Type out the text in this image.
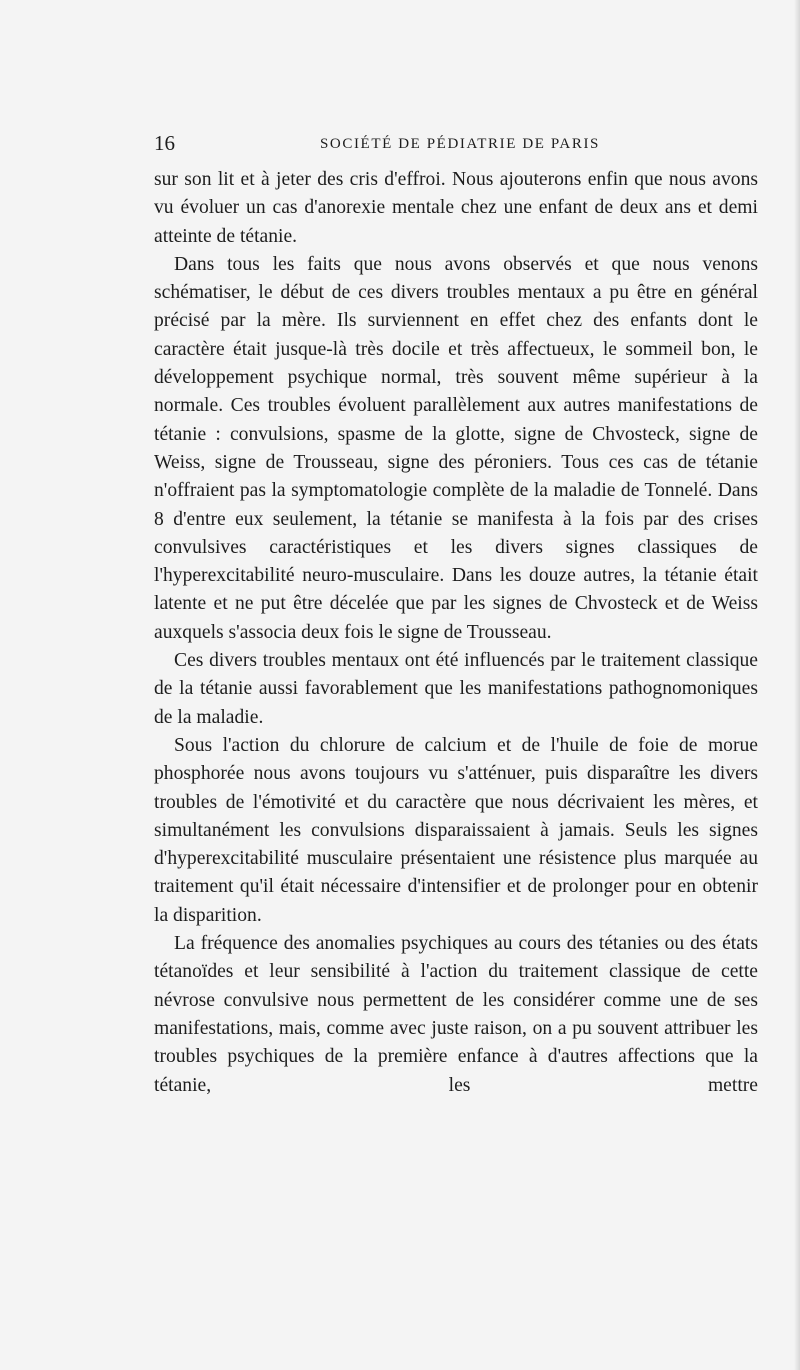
16	SOCIÉTÉ DE PÉDIATRIE DE PARIS

sur son lit et à jeter des cris d'effroi. Nous ajouterons enfin que nous avons vu évoluer un cas d'anorexie mentale chez une enfant de deux ans et demi atteinte de tétanie.

Dans tous les faits que nous avons observés et que nous venons schématiser, le début de ces divers troubles mentaux a pu être en général précisé par la mère. Ils surviennent en effet chez des enfants dont le caractère était jusque-là très docile et très affectueux, le sommeil bon, le développement psychique normal, très souvent même supérieur à la normale. Ces troubles évoluent parallèlement aux autres manifestations de tétanie : convulsions, spasme de la glotte, signe de Chvosteck, signe de Weiss, signe de Trousseau, signe des péroniers. Tous ces cas de tétanie n'offraient pas la symptomatologie complète de la maladie de Tonnelé. Dans 8 d'entre eux seulement, la tétanie se manifesta à la fois par des crises convulsives caractéristiques et les divers signes classiques de l'hyperexcitabilité neuro-musculaire. Dans les douze autres, la tétanie était latente et ne put être décelée que par les signes de Chvosteck et de Weiss auxquels s'associa deux fois le signe de Trousseau.

Ces divers troubles mentaux ont été influencés par le traitement classique de la tétanie aussi favorablement que les manifestations pathognomoniques de la maladie.

Sous l'action du chlorure de calcium et de l'huile de foie de morue phosphorée nous avons toujours vu s'atténuer, puis disparaître les divers troubles de l'émotivité et du caractère que nous décrivaient les mères, et simultanément les convulsions disparaissaient à jamais. Seuls les signes d'hyperexcitabilité musculaire présentaient une résistence plus marquée au traitement qu'il était nécessaire d'intensifier et de prolonger pour en obtenir la disparition.

La fréquence des anomalies psychiques au cours des tétanies ou des états tétanoïdes et leur sensibilité à l'action du traitement classique de cette névrose convulsive nous permettent de les considérer comme une de ses manifestations, mais, comme avec juste raison, on a pu souvent attribuer les troubles psychiques de la première enfance à d'autres affections que la tétanie, les mettre
